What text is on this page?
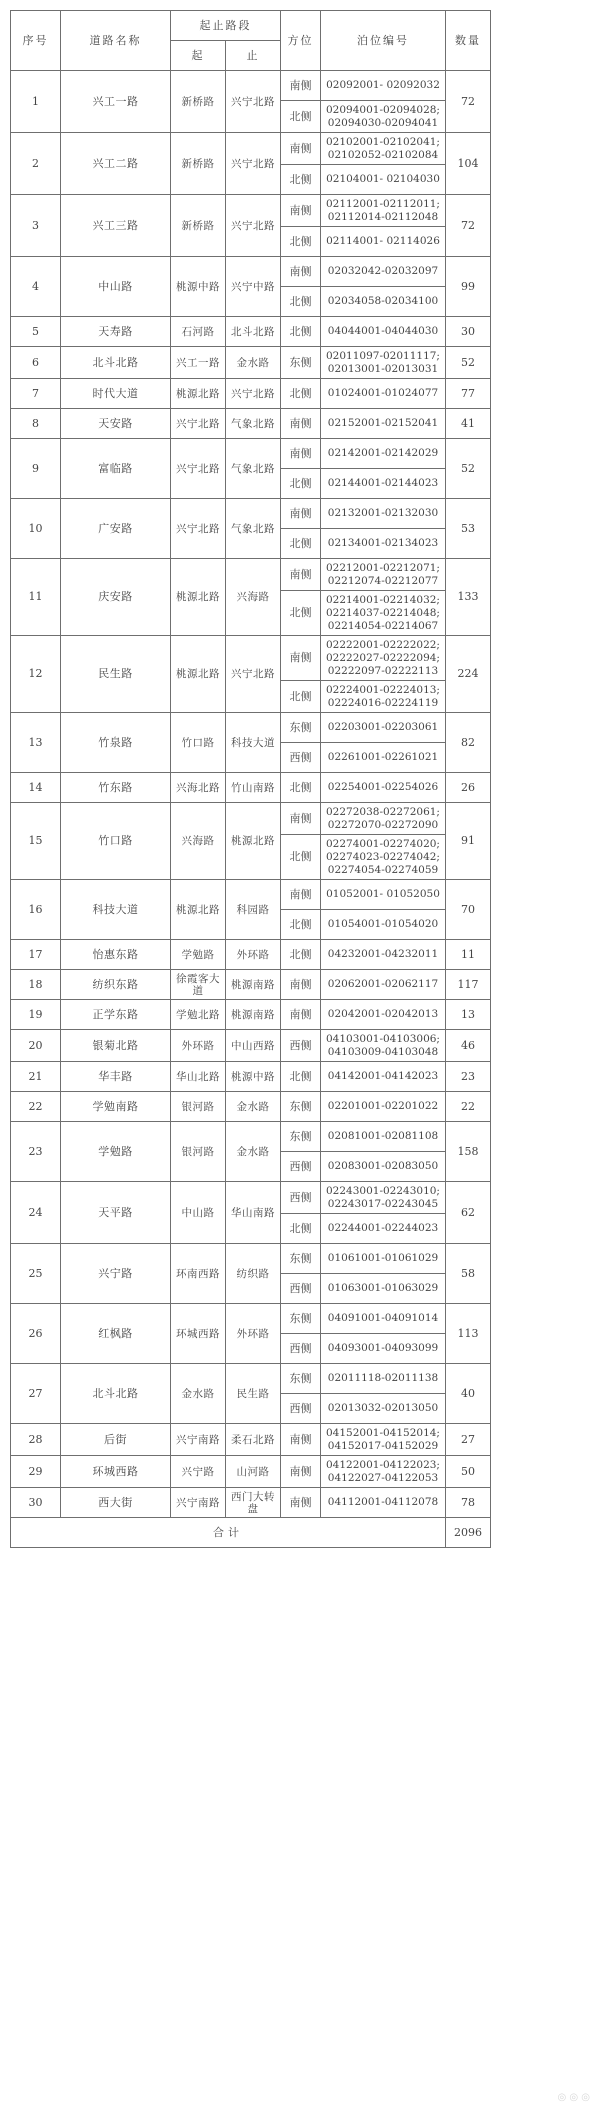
序号	道路名称	起止路段		方位	泊位编号	数量
		起	止			
1	兴工一路	新桥路	兴宁北路	南侧	02092001- 02092032	72
				北侧	02094001-02094028;
02094030-02094041	

2	兴工二路	新桥路	兴宁北路	南侧	02102001-02102041;
02102052-02102084	104
				北侧	02104001- 02104030	

3	兴工三路	新桥路	兴宁北路	南侧	02112001-02112011;
02112014-02112048	72
				北侧	02114001- 02114026	

4	中山路	桃源中路	兴宁中路	南侧	02032042-02032097	99
				北侧	02034058-02034100	

5	天寿路	石河路	北斗北路	北侧	04044001-04044030	30
6	北斗北路	兴工一路	金水路	东侧	02011097-02011117;
02013001-02013031	52
7	时代大道	桃源北路	兴宁北路	北侧	01024001-01024077	77
8	天安路	兴宁北路	气象北路	南侧	02152001-02152041	41
9	富临路	兴宁北路	气象北路	南侧	02142001-02142029	52
				北侧	02144001-02144023	

10	广安路	兴宁北路	气象北路	南侧	02132001-02132030	53
				北侧	02134001-02134023	

11	庆安路	桃源北路	兴海路	南侧	02212001-02212071;
02212074-02212077	133
				北侧	02214001-02214032;
02214037-02214048;
02214054-02214067	

12	民生路	桃源北路	兴宁北路	南侧	02222001-02222022;
02222027-02222094;
02222097-02222113	224
				北侧	02224001-02224013;
02224016-02224119	

13	竹泉路	竹口路	科技大道	东侧	02203001-02203061	82
				西侧	02261001-02261021	

14	竹东路	兴海北路	竹山南路	北侧	02254001-02254026	26
15	竹口路	兴海路	桃源北路	南侧	02272038-02272061;
02272070-02272090	91
				北侧	02274001-02274020;
02274023-02274042;
02274054-02274059	

16	科技大道	桃源北路	科园路	南侧	01052001- 01052050	70
				北侧	01054001-01054020	

17	怡惠东路	学勉路	外环路	北侧	04232001-04232011	11
18	纺织东路	徐霞客大道	桃源南路	南侧	02062001-02062117	117
19	正学东路	学勉北路	桃源南路	南侧	02042001-02042013	13
20	银菊北路	外环路	中山西路	西侧	04103001-04103006;
04103009-04103048	46
21	华丰路	华山北路	桃源中路	北侧	04142001-04142023	23
22	学勉南路	银河路	金水路	东侧	02201001-02201022	22
23	学勉路	银河路	金水路	东侧	02081001-02081108	158
				西侧	02083001-02083050	

24	天平路	中山路	华山南路	西侧	02243001-02243010;
02243017-02243045	62
				北侧	02244001-02244023	

25	兴宁路	环南西路	纺织路	东侧	01061001-01061029	58
				西侧	01063001-01063029	

26	红枫路	环城西路	外环路	东侧	04091001-04091014	113
				西侧	04093001-04093099	

27	北斗北路	金水路	民生路	东侧	02011118-02011138	40
				西侧	02013032-02013050	

28	后街	兴宁南路	柔石北路	南侧	04152001-04152014;
04152017-04152029	27
29	环城西路	兴宁路	山河路	南侧	04122001-04122023;
04122027-04122053	50
30	西大街	兴宁南路	西门大转盘	南侧	04112001-04112078	78
合计						2096
◎ ◎ ◎
